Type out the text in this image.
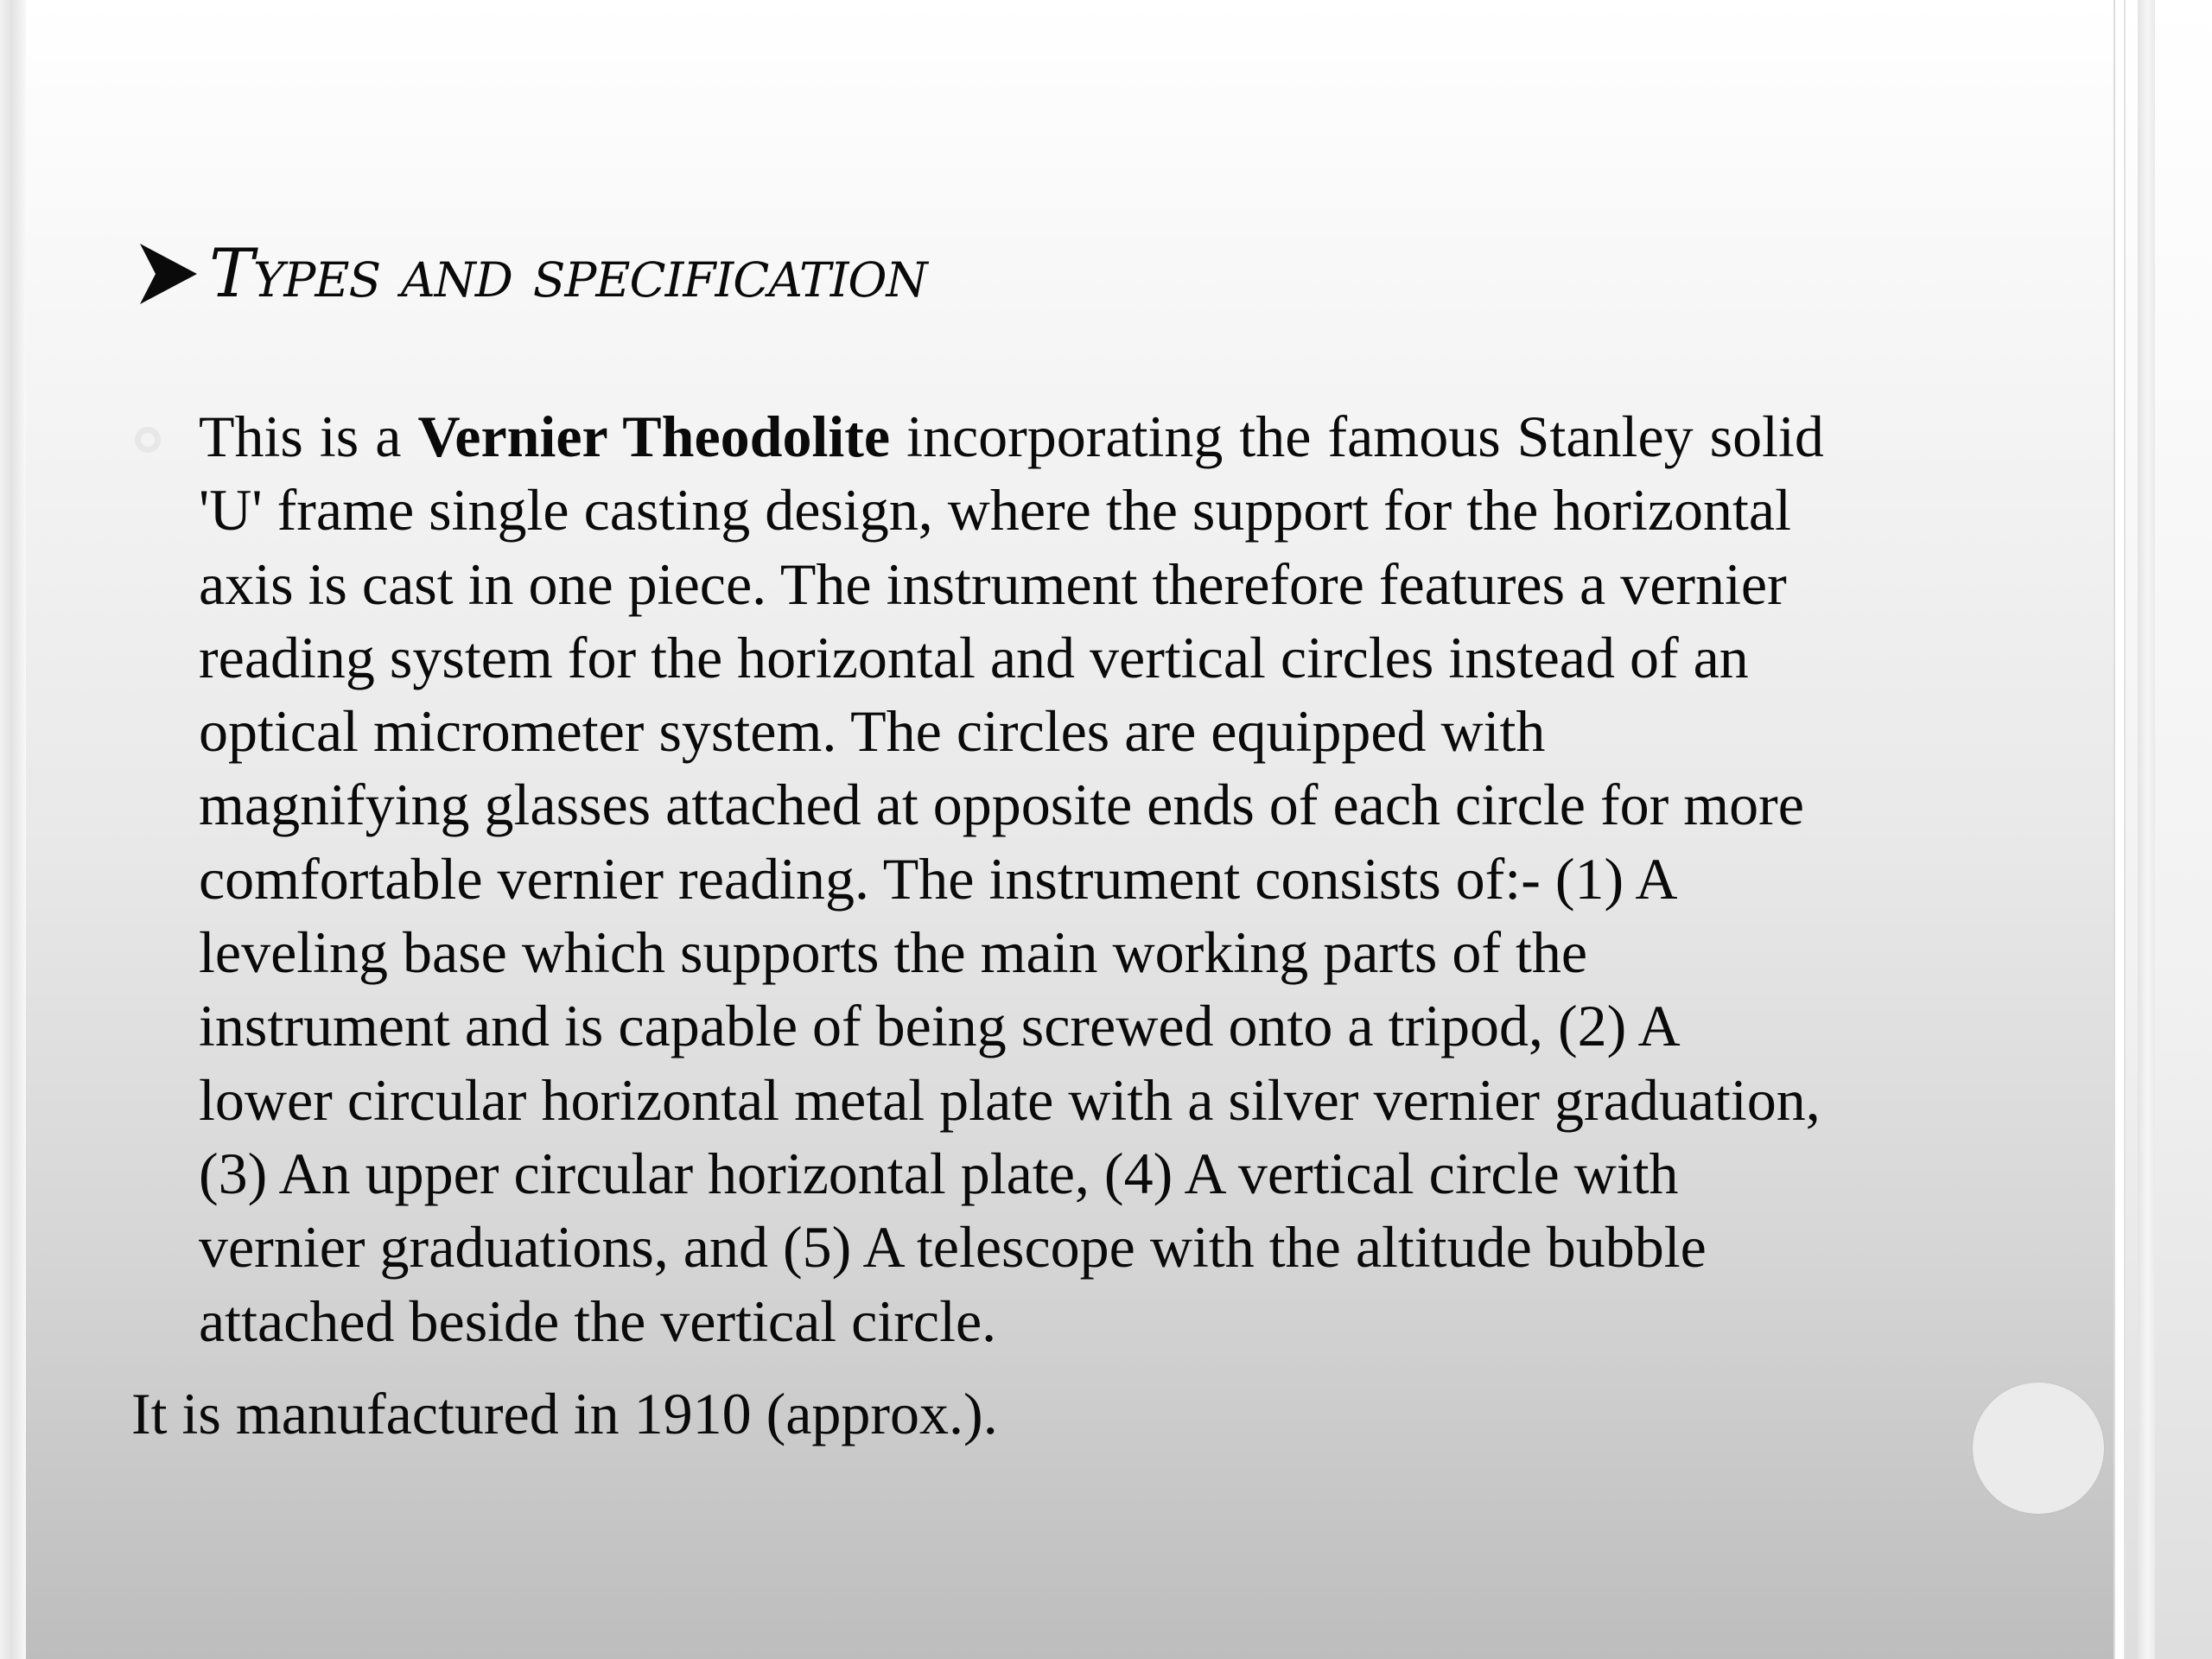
Types and specification
This is a Vernier Theodolite incorporating the famous Stanley solid
'U' frame single casting design, where the support for the horizontal
axis is cast in one piece. The instrument therefore features a vernier
reading system for the horizontal and vertical circles instead of an
optical micrometer system. The circles are equipped with
magnifying glasses attached at opposite ends of each circle for more
comfortable vernier reading. The instrument consists of:- (1) A
leveling base which supports the main working parts of the
instrument and is capable of being screwed onto a tripod, (2) A
lower circular horizontal metal plate with a silver vernier graduation,
(3) An upper circular horizontal plate, (4) A vertical circle with
vernier graduations, and (5) A telescope with the altitude bubble
attached beside the vertical circle.
It is manufactured in 1910 (approx.).
